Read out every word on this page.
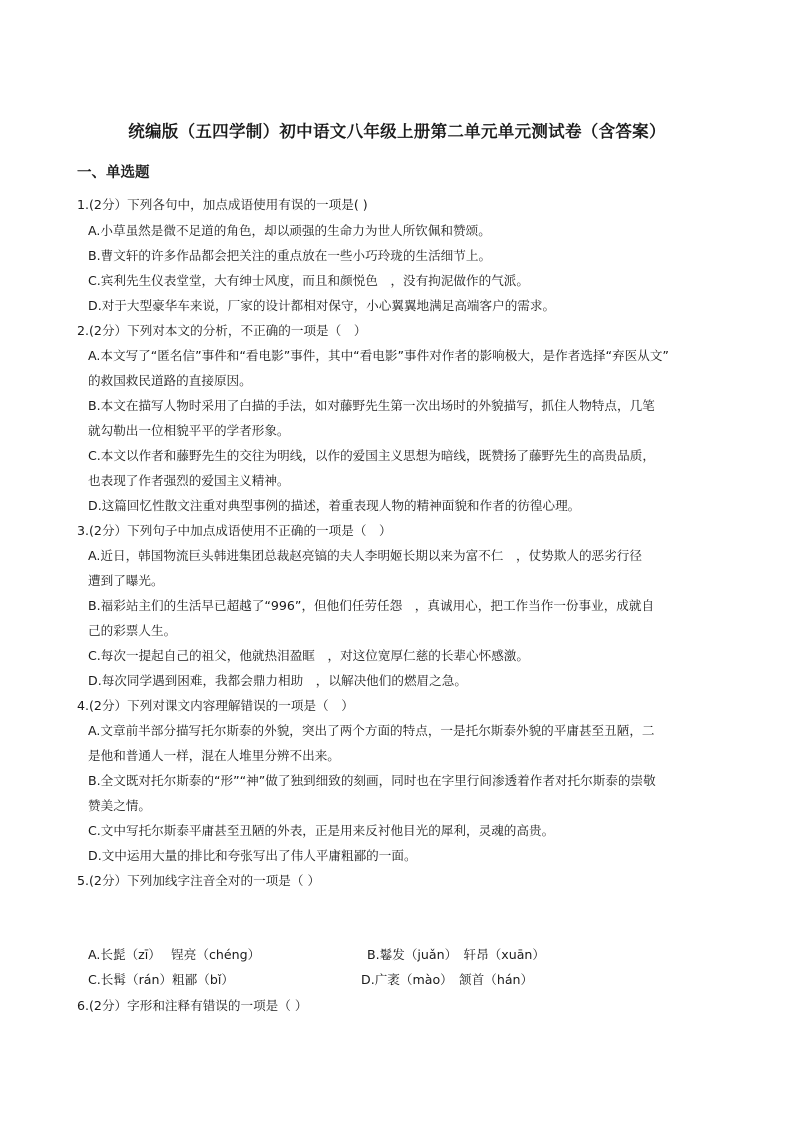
统编版（五四学制）初中语文八年级上册第二单元单元测试卷（含答案）
一、单选题
1.(2分）下列各句中，加点成语使用有误的一项是( )
A.小草虽然是微不足道的角色，却以顽强的生命力为世人所钦佩和赞颂。
B.曹文轩的许多作品都会把关注的重点放在一些小巧玲珑的生活细节上。
C.宾利先生仪表堂堂，大有绅士风度，而且和颜悦色　，没有拘泥做作的气派。
D.对于大型豪华车来说，厂家的设计都相对保守，小心翼翼地满足高端客户的需求。
2.(2分）下列对本文的分析，不正确的一项是（　）
A.本文写了“匿名信”事件和“看电影”事件，其中“看电影”事件对作者的影响极大，是作者选择“弃医从文”
的救国救民道路的直接原因。
B.本文在描写人物时采用了白描的手法，如对藤野先生第一次出场时的外貌描写，抓住人物特点，几笔
就勾勒出一位相貌平平的学者形象。
C.本文以作者和藤野先生的交往为明线，以作的爱国主义思想为暗线，既赞扬了藤野先生的高贵品质，
也表现了作者强烈的爱国主义精神。
D.这篇回忆性散文注重对典型事例的描述，着重表现人物的精神面貌和作者的彷徨心理。
3.(2分）下列句子中加点成语使用不正确的一项是（　）
A.近日，韩国物流巨头韩进集团总裁赵亮镐的夫人李明姬长期以来为富不仁　，仗势欺人的恶劣行径
遭到了曝光。
B.福彩站主们的生活早已超越了“996”，但他们任劳任怨　，真诚用心，把工作当作一份事业，成就自
己的彩票人生。
C.每次一提起自己的祖父，他就热泪盈眶　，对这位宽厚仁慈的长辈心怀感激。
D.每次同学遇到困难，我都会鼎力相助　，以解决他们的燃眉之急。
4.(2分）下列对课文内容理解错误的一项是（　）
A.文章前半部分描写托尔斯泰的外貌，突出了两个方面的特点，一是托尔斯泰外貌的平庸甚至丑陋，二
是他和普通人一样，混在人堆里分辨不出来。
B.全文既对托尔斯泰的“形”“神”做了独到细致的刻画，同时也在字里行间渗透着作者对托尔斯泰的崇敬
赞美之情。
C.文中写托尔斯泰平庸甚至丑陋的外表，正是用来反衬他目光的犀利，灵魂的高贵。
D.文中运用大量的排比和夸张写出了伟人平庸粗鄙的一面。
5.(2分）下列加线字注音全对的一项是（ ）
A.长髭（zī）　 锃亮（chéng）	B.鬈发（juǎn）　轩昂（xuān）
C.长髯（rán）粗鄙（bǐ）	D.广袤（mào）　颔首（hán）
6.(2分）字形和注释有错误的一项是（ ）
